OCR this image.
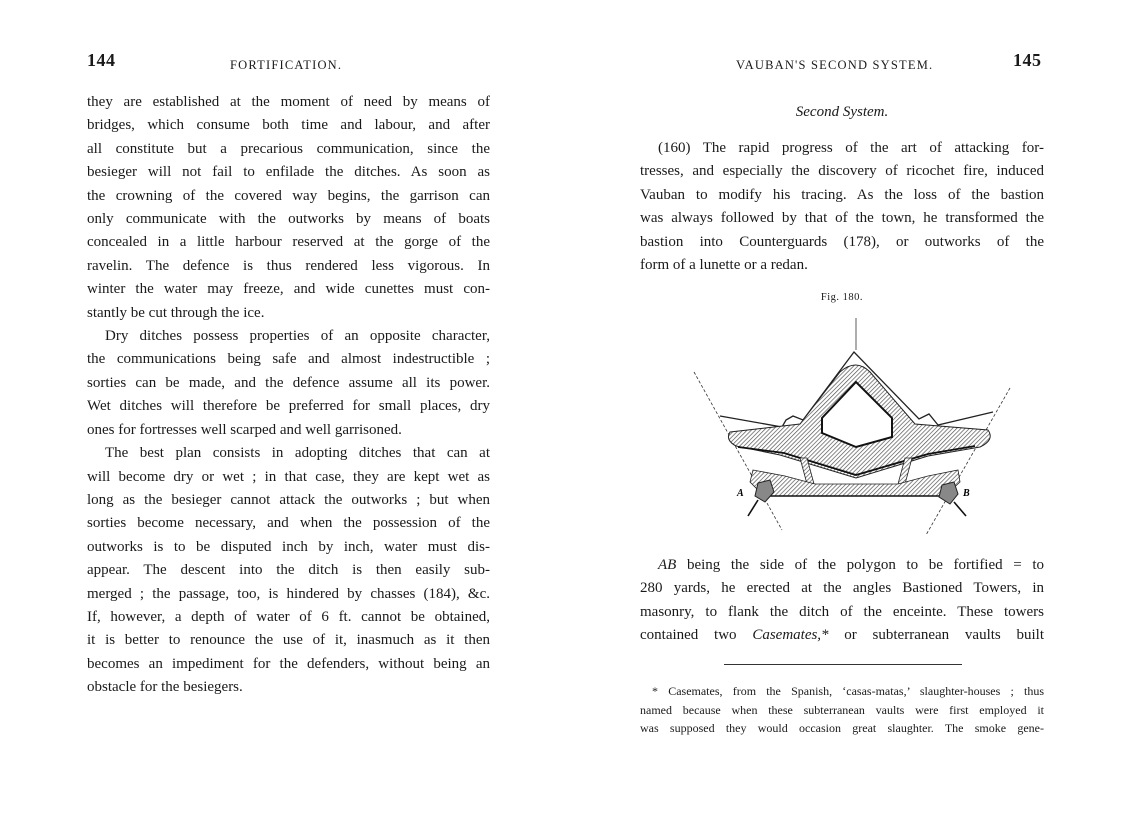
144	FORTIFICATION.
they are established at the moment of need by means of
bridges, which consume both time and labour, and after
all constitute but a precarious communication, since the
besieger will not fail to enfilade the ditches. As soon as
the crowning of the covered way begins, the garrison can
only communicate with the outworks by means of boats
concealed in a little harbour reserved at the gorge of the
ravelin. The defence is thus rendered less vigorous. In
winter the water may freeze, and wide cunettes must con-
stantly be cut through the ice.
Dry ditches possess properties of an opposite character,
the communications being safe and almost indestructible ;
sorties can be made, and the defence assume all its power.
Wet ditches will therefore be preferred for small places, dry
ones for fortresses well scarped and well garrisoned.
The best plan consists in adopting ditches that can at
will become dry or wet ; in that case, they are kept wet as
long as the besieger cannot attack the outworks ; but when
sorties become necessary, and when the possession of the
outworks is to be disputed inch by inch, water must dis-
appear. The descent into the ditch is then easily sub-
merged ; the passage, too, is hindered by chasses (184), &c.
If, however, a depth of water of 6 ft. cannot be obtained,
it is better to renounce the use of it, inasmuch as it then
becomes an impediment for the defenders, without being an
obstacle for the besiegers.
VAUBAN'S SECOND SYSTEM.	145
Second System.
(160) The rapid progress of the art of attacking for-
tresses, and especially the discovery of ricochet fire, induced
Vauban to modify his tracing. As the loss of the bastion
was always followed by that of the town, he transformed the
bastion into Counterguards (178), or outworks of the
form of a lunette or a redan.
Fig. 180.
A	B
AB being the side of the polygon to be fortified = to
280 yards, he erected at the angles Bastioned Towers, in
masonry, to flank the ditch of the enceinte. These towers
contained two Casemates,* or subterranean vaults built
* Casemates, from the Spanish, ‘casas-matas,’ slaughter-houses ; thus
named because when these subterranean vaults were first employed it
was supposed they would occasion great slaughter. The smoke gene-
